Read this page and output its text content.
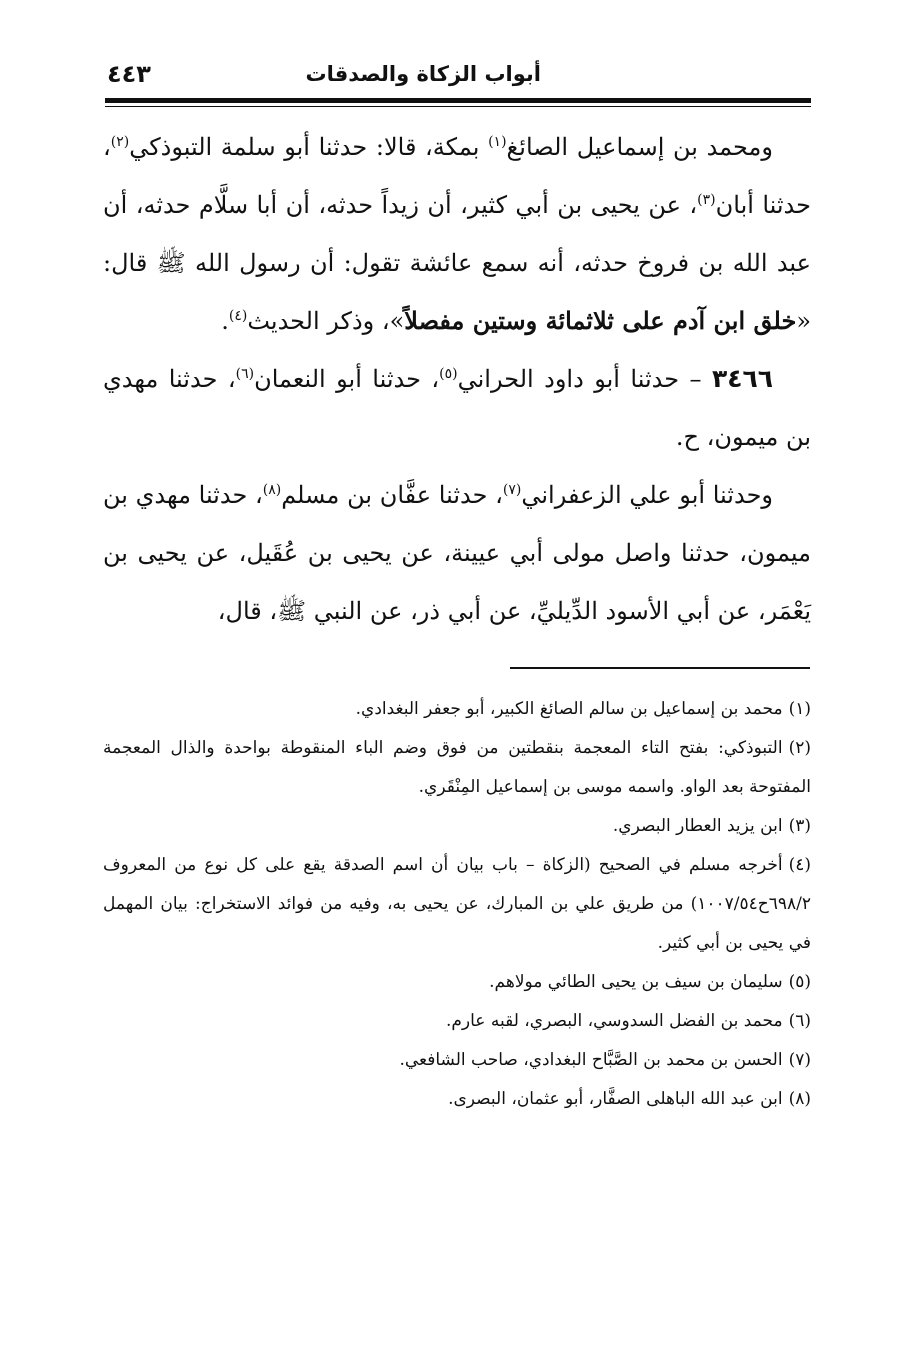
أبواب الزكاة والصدقات
٤٤٣

ومحمد بن إسماعيل الصائغ$^{(١)}$ بمكة، قالا: حدثنا أبو سلمة التبوذكي$^{(٢)}$، حدثنا أبان$^{(٣)}$، عن يحيى بن أبي كثير، أن زيداً حدثه، أن أبا سلَّام حدثه، أن عبد الله بن فروخ حدثه، أنه سمع عائشة تقول: أن رسول الله ﷺ قال: «خلق ابن آدم على ثلاثمائة وستين مفصلاً»، وذكر الحديث$^{(٤)}$.

٣٤٦٦ – حدثنا أبو داود الحراني$^{(٥)}$، حدثنا أبو النعمان$^{(٦)}$، حدثنا مهدي بن ميمون، ح.

وحدثنا أبو علي الزعفراني$^{(٧)}$، حدثنا عفَّان بن مسلم$^{(٨)}$، حدثنا مهدي بن ميمون، حدثنا واصل مولى أبي عيينة، عن يحيى بن عُقَيل، عن يحيى بن يَعْمَر، عن أبي الأسود الدِّيليِّ، عن أبي ذر، عن النبي ﷺ، قال،

(١)محمد بن إسماعيل بن سالم الصائغ الكبير، أبو جعفر البغدادي.

(٢)التبوذكي: بفتح التاء المعجمة بنقطتين من فوق وضم الباء المنقوطة بواحدة والذال المعجمة المفتوحة بعد الواو. واسمه موسى بن إسماعيل المِنْقَري.

(٣)ابن يزيد العطار البصري.

(٤)أخرجه مسلم في الصحيح (الزكاة – باب بيان أن اسم الصدقة يقع على كل نوع من المعروف ٦٩٨/٢ح١٠٠٧/٥٤) من طريق علي بن المبارك، عن يحيى به، وفيه من فوائد الاستخراج: بيان المهمل في يحيى بن أبي كثير.

(٥)سليمان بن سيف بن يحيى الطائي مولاهم.

(٦)محمد بن الفضل السدوسي، البصري، لقبه عارم.

(٧)الحسن بن محمد بن الصَّبَّاح البغدادي، صاحب الشافعي.

(٨)ابن عبد الله الباهلى الصفَّار، أبو عثمان، البصرى.
